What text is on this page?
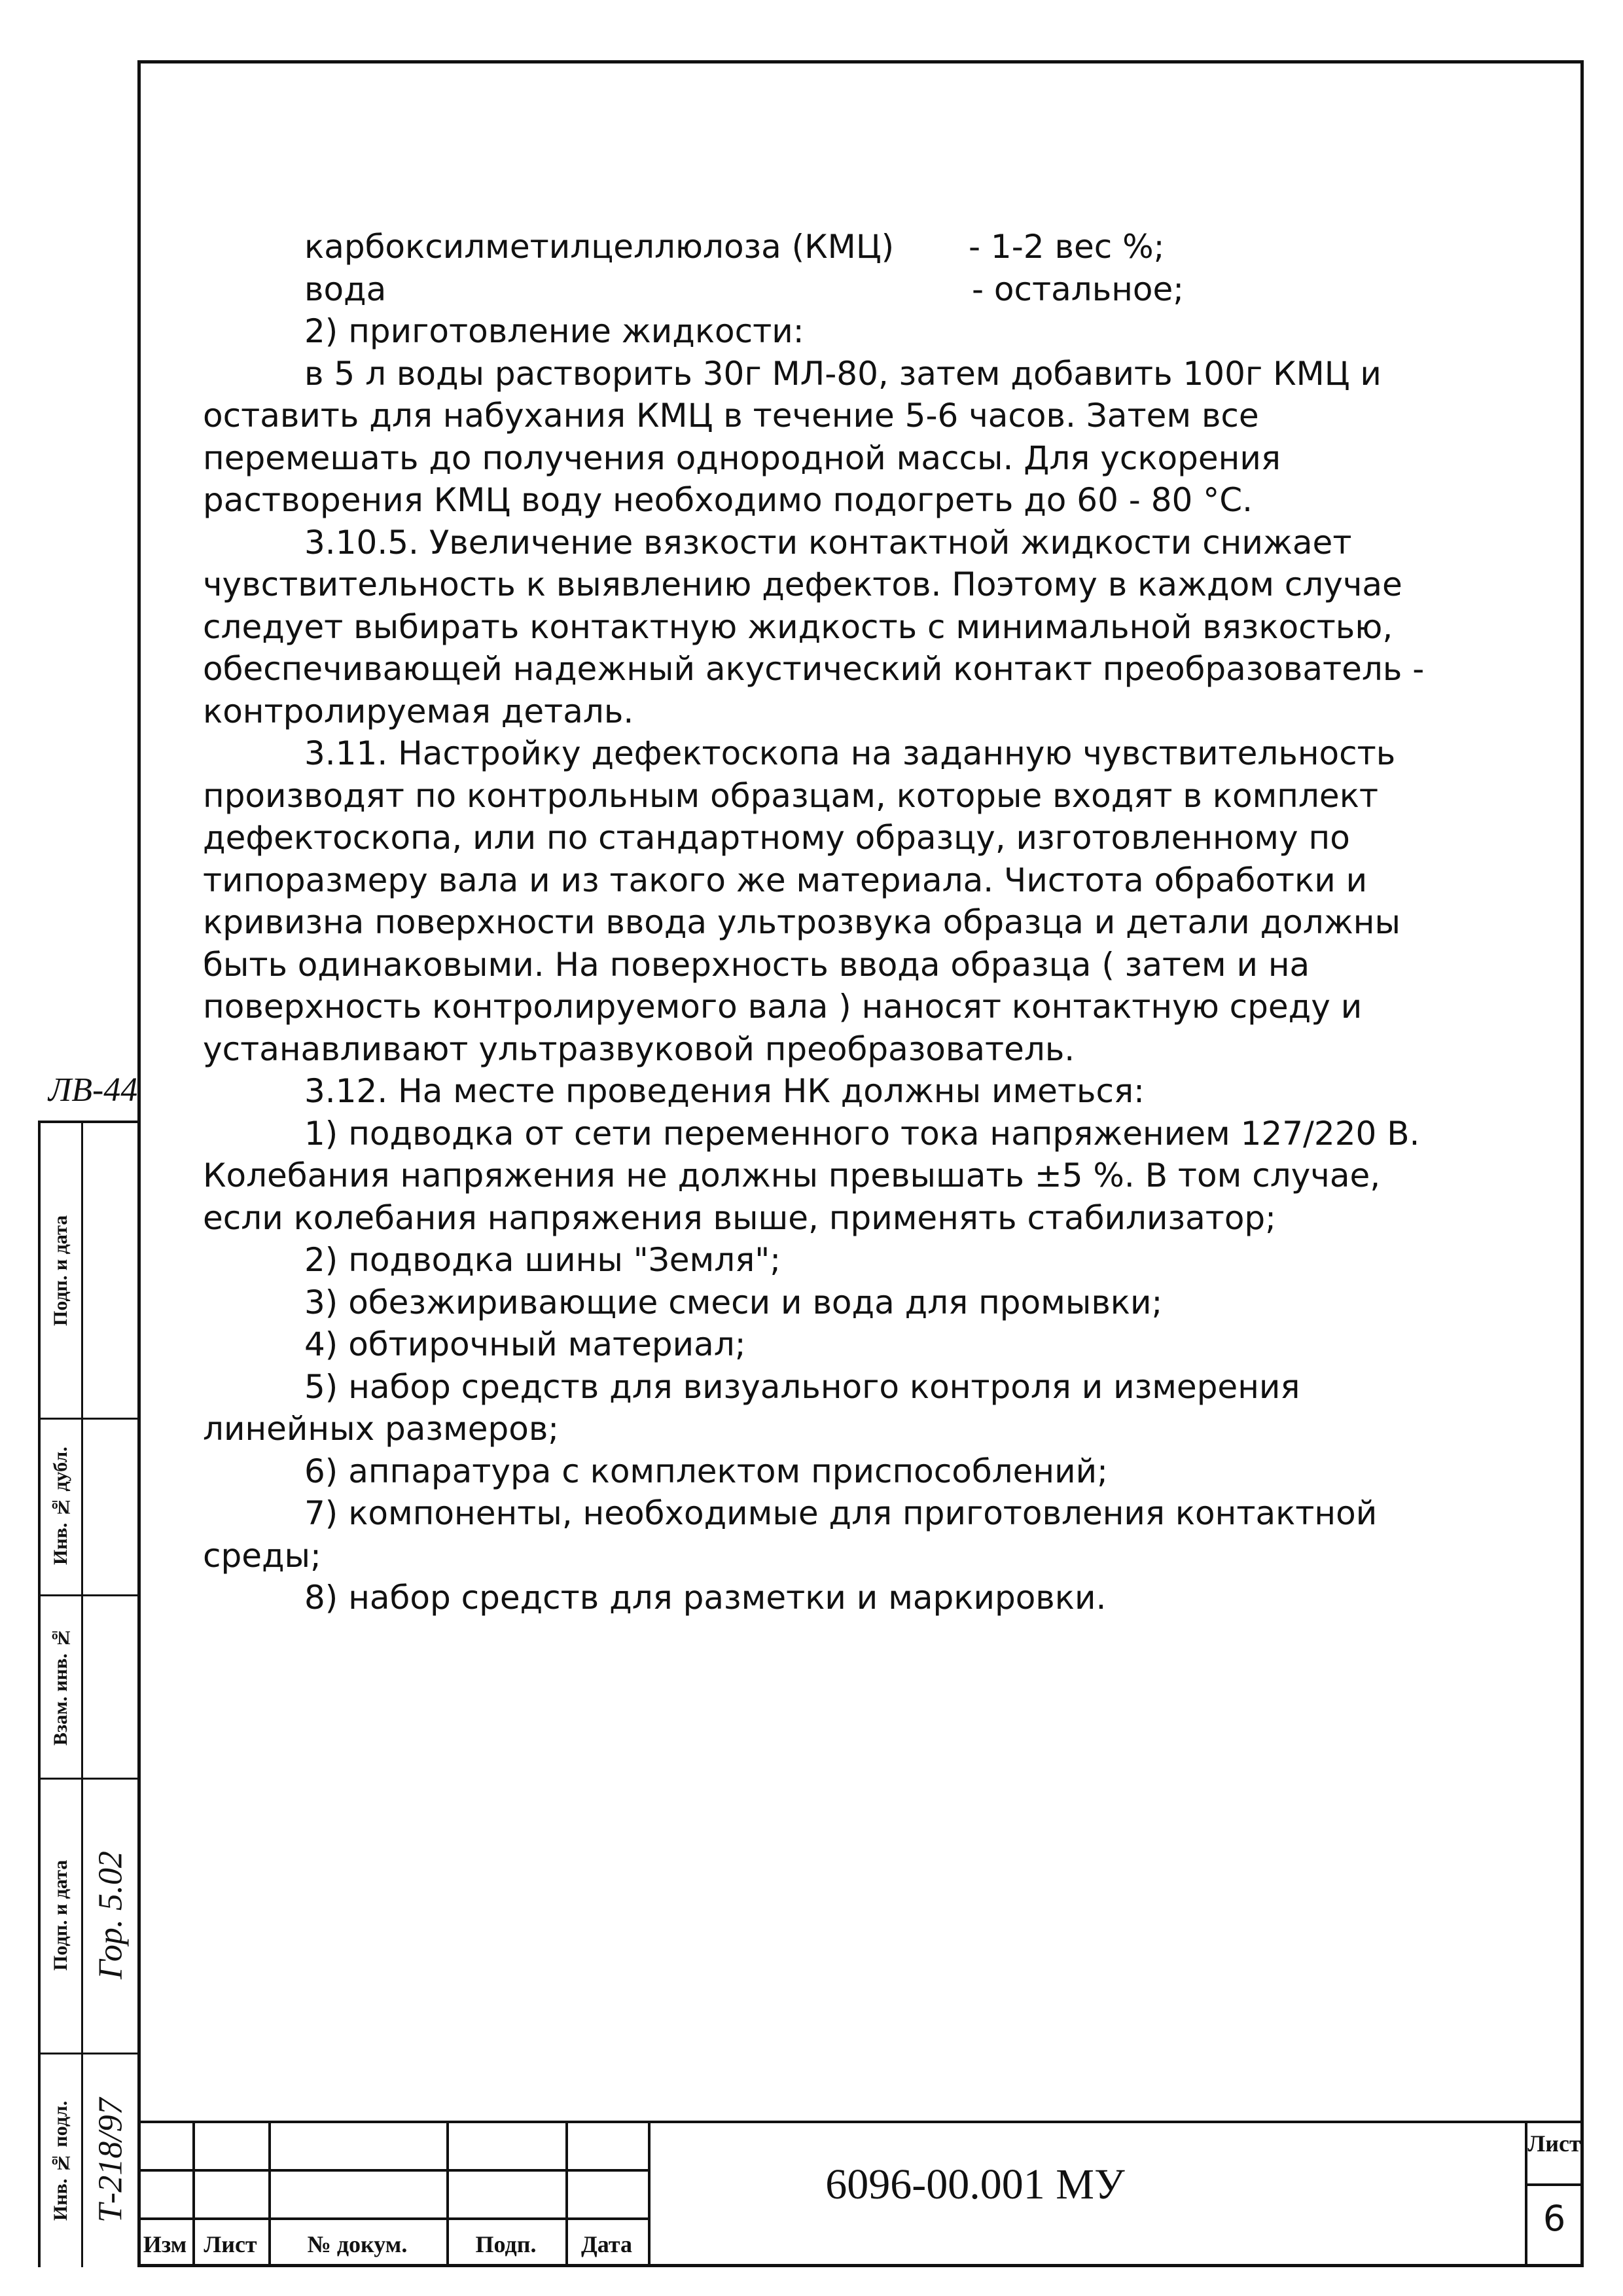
карбоксилметилцеллюлоза (КМЦ) - 1-2 вес %;
вода	- остальное;

2) приготовление жидкости:

в 5 л воды растворить 30г МЛ-80, затем добавить 100г КМЦ и оставить для набухания КМЦ в течение 5-6 часов. Затем все перемешать до получения однородной массы. Для ускорения растворения КМЦ воду необходимо подогреть до 60 - 80 °С.

3.10.5. Увеличение вязкости контактной жидкости снижает чувствительность к выявлению дефектов. Поэтому в каждом случае следует выбирать контактную жидкость с минимальной вязкостью, обеспечивающей надежный акустический контакт преобразователь - контролируемая деталь.

3.11. Настройку дефектоскопа на заданную чувствительность производят по контрольным образцам, которые входят в комплект дефектоскопа, или по стандартному образцу, изготовленному по типоразмеру вала и из такого же материала. Чистота обработки и кривизна поверхности ввода ультрозвука образца и детали должны быть одинаковыми. На поверхность ввода образца ( затем и на поверхность контролируемого вала ) наносят контактную среду и устанавливают ультразвуковой преобразователь.

3.12. На месте проведения НК должны иметься:

1) подводка от сети переменного тока напряжением 127/220 В. Колебания напряжения не должны превышать ±5 %. В том случае, если колебания напряжения выше, применять стабилизатор;

2) подводка шины "Земля";

3) обезжиривающие смеси и вода для промывки;

4) обтирочный материал;

5) набор средств для визуального контроля и измерения линейных размеров;

6) аппаратура с комплектом приспособлений;

7) компоненты, необходимые для приготовления контактной среды;

8) набор средств для разметки и маркировки.

ЛВ-44
Подп. и дата
Инв. № дубл.
Взам. инв. №
Подп. и дата
Инв. № подл.
Гор. 5.02
Т-218/97
Изм Лист	№ докум.	Подп.	Дата
6096-00.001 МУ
Лист
6
